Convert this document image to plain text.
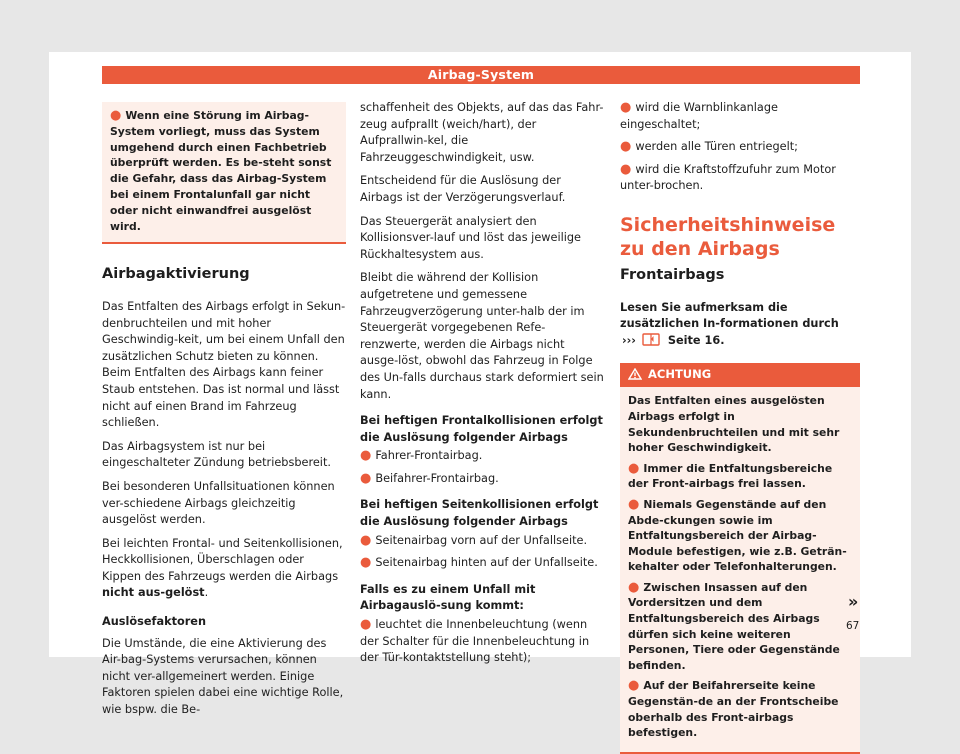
Airbag-System
● Wenn eine Störung im Airbag-System vorliegt, muss das System umgehend durch einen Fachbetrieb überprüft werden. Es be-steht sonst die Gefahr, dass das Airbag-System bei einem Frontalunfall gar nicht oder nicht einwandfrei ausgelöst wird.
Airbagaktivierung

Das Entfalten des Airbags erfolgt in Sekun-denbruchteilen und mit hoher Geschwindig-keit, um bei einem Unfall den zusätzlichen Schutz bieten zu können. Beim Entfalten des Airbags kann feiner Staub entstehen. Das ist normal und lässt nicht auf einen Brand im Fahrzeug schließen.

Das Airbagsystem ist nur bei eingeschalteter Zündung betriebsbereit.

Bei besonderen Unfallsituationen können ver-schiedene Airbags gleichzeitig ausgelöst werden.

Bei leichten Frontal- und Seitenkollisionen, Heckkollisionen, Überschlagen oder Kippen des Fahrzeugs werden die Airbags nicht aus-gelöst.

Auslösefaktoren

Die Umstände, die eine Aktivierung des Air-bag-Systems verursachen, können nicht ver-allgemeinert werden. Einige Faktoren spielen dabei eine wichtige Rolle, wie bspw. die Be-

schaffenheit des Objekts, auf das das Fahr-zeug aufprallt (weich/hart), der Aufprallwin-kel, die Fahrzeuggeschwindigkeit, usw.

Entscheidend für die Auslösung der Airbags ist der Verzögerungsverlauf.

Das Steuergerät analysiert den Kollisionsver-lauf und löst das jeweilige Rückhaltesystem aus.

Bleibt die während der Kollision aufgetretene und gemessene Fahrzeugverzögerung unter-halb der im Steuergerät vorgegebenen Refe-renzwerte, werden die Airbags nicht ausge-löst, obwohl das Fahrzeug in Folge des Un-falls durchaus stark deformiert sein kann.

Bei heftigen Frontalkollisionen erfolgt die Auslösung folgender Airbags
● Fahrer-Frontairbag.
● Beifahrer-Frontairbag.
Bei heftigen Seitenkollisionen erfolgt die Auslösung folgender Airbags
● Seitenairbag vorn auf der Unfallseite.
● Seitenairbag hinten auf der Unfallseite.
Falls es zu einem Unfall mit Airbagauslö-sung kommt:
● leuchtet die Innenbeleuchtung (wenn der Schalter für die Innenbeleuchtung in der Tür-kontaktstellung steht);
● wird die Warnblinkanlage eingeschaltet;
● werden alle Türen entriegelt;
● wird die Kraftstoffzufuhr zum Motor unter-brochen.
Sicherheitshinweise zu den Airbags
Frontairbags
Lesen Sie aufmerksam die zusätzlichen In-formationen durch ›››	Seite 16.
ACHTUNG

Das Entfalten eines ausgelösten Airbags erfolgt in Sekundenbruchteilen und mit sehr hoher Geschwindigkeit.

● Immer die Entfaltungsbereiche der Front-airbags frei lassen.

● Niemals Gegenstände auf den Abde-ckungen sowie im Entfaltungsbereich der Airbag-Module befestigen, wie z.B. Geträn-kehalter oder Telefonhalterungen.

● Zwischen Insassen auf den Vordersitzen und dem Entfaltungsbereich des Airbags dürfen sich keine weiteren Personen, Tiere oder Gegenstände befinden.

● Auf der Beifahrerseite keine Gegenstän-de an der Frontscheibe oberhalb des Front-airbags befestigen.

»
67
